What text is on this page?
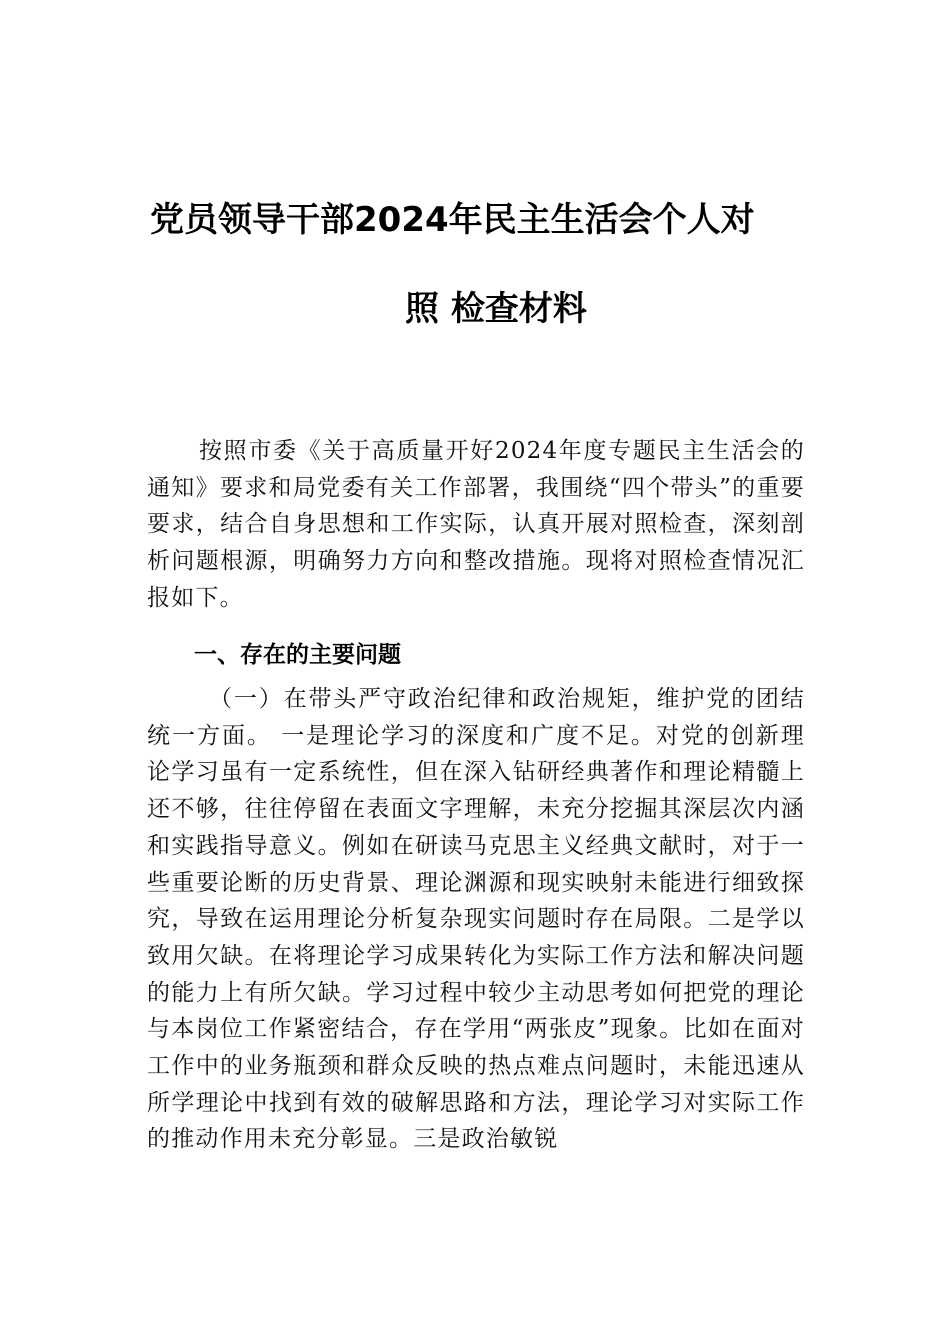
党员领导干部2024年民主生活会个人对
照 检查材料

按照市委《关于高质量开好2024年度专题民主生活会的通知》要求和局党委有关工作部署，我围绕“四个带头”的重要要求，结合自身思想和工作实际，认真开展对照检查，深刻剖析问题根源，明确努力方向和整改措施。现将对照检查情况汇报如下。

一、存在的主要问题

（一）在带头严守政治纪律和政治规矩，维护党的团结统一方面。 一是理论学习的深度和广度不足。对党的创新理论学习虽有一定系统性，但在深入钻研经典著作和理论精髓上还不够，往往停留在表面文字理解，未充分挖掘其深层次内涵和实践指导意义。例如在研读马克思主义经典文献时，对于一些重要论断的历史背景、理论渊源和现实映射未能进行细致探究，导致在运用理论分析复杂现实问题时存在局限。二是学以致用欠缺。在将理论学习成果转化为实际工作方法和解决问题的能力上有所欠缺。学习过程中较少主动思考如何把党的理论与本岗位工作紧密结合，存在学用“两张皮”现象。比如在面对工作中的业务瓶颈和群众反映的热点难点问题时，未能迅速从所学理论中找到有效的破解思路和方法，理论学习对实际工作的推动作用未充分彰显。三是政治敏锐
